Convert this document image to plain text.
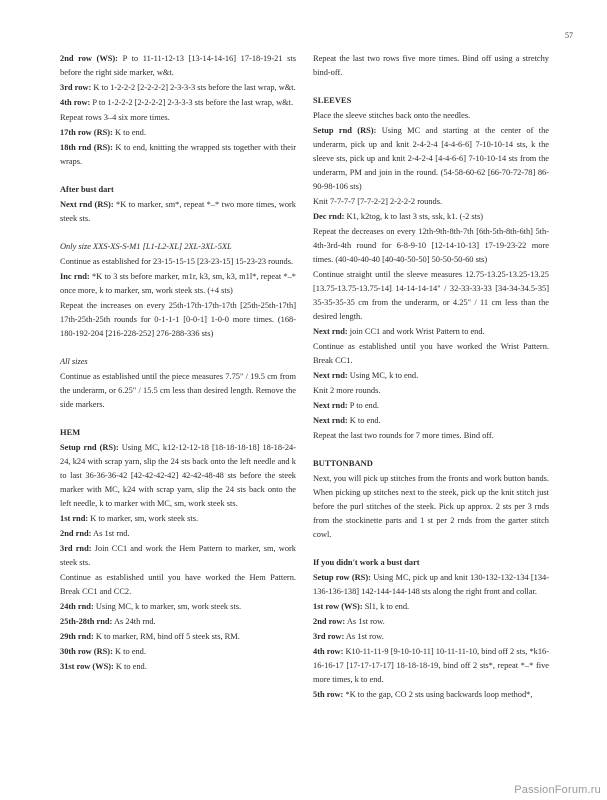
57
2nd row (WS): P to 11-11-12-13 [13-14-14-16] 17-18-19-21 sts before the right side marker, w&t.
3rd row: K to 1-2-2-2 [2-2-2-2] 2-3-3-3 sts before the last wrap, w&t.
4th row: P to 1-2-2-2 [2-2-2-2] 2-3-3-3 sts before the last wrap, w&t.
Repeat rows 3–4 six more times.
17th row (RS): K to end.
18th rnd (RS): K to end, knitting the wrapped sts together with their wraps.
After bust dart
Next rnd (RS): *K to marker, sm*, repeat *–* two more times, work steek sts.
Only size XXS-XS-S-M1 [L1-L2-XL] 2XL-3XL-5XL
Continue as established for 23-15-15-15 [23-23-15] 15-23-23 rounds.
Inc rnd: *K to 3 sts before marker, m1r, k3, sm, k3, m1l*, repeat *–* once more, k to marker, sm, work steek sts. (+4 sts)
Repeat the increases on every 25th-17th-17th-17th [25th-25th-17th] 17th-25th-25th rounds for 0-1-1-1 [0-0-1] 1-0-0 more times. (168-180-192-204 [216-228-252] 276-288-336 sts)
All sizes
Continue as established until the piece measures 7.75" / 19.5 cm from the underarm, or 6.25" / 15.5 cm less than desired length. Remove the side markers.
HEM
Setup rnd (RS): Using MC, k12-12-12-18 [18-18-18-18] 18-18-24-24, k24 with scrap yarn, slip the 24 sts back onto the left needle and k to last 36-36-36-42 [42-42-42-42] 42-42-48-48 sts before the steek marker with MC, k24 with scrap yarn, slip the 24 sts back onto the left needle, k to marker with MC, sm, work steek sts.
1st rnd: K to marker, sm, work steek sts.
2nd rnd: As 1st rnd.
3rd rnd: Join CC1 and work the Hem Pattern to marker, sm, work steek sts.
Continue as established until you have worked the Hem Pattern. Break CC1 and CC2.
24th rnd: Using MC, k to marker, sm, work steek sts.
25th-28th rnd: As 24th rnd.
29th rnd: K to marker, RM, bind off 5 steek sts, RM.
30th row (RS): K to end.
31st row (WS): K to end.
Repeat the last two rows five more times. Bind off using a stretchy bind-off.
SLEEVES
Place the sleeve stitches back onto the needles.
Setup rnd (RS): Using MC and starting at the center of the underarm, pick up and knit 2-4-2-4 [4-4-6-6] 7-10-10-14 sts, k the sleeve sts, pick up and knit 2-4-2-4 [4-4-6-6] 7-10-10-14 sts from the underarm, PM and join in the round. (54-58-60-62 [66-70-72-78] 86-90-98-106 sts)
Knit 7-7-7-7 [7-7-2-2] 2-2-2-2 rounds.
Dec rnd: K1, k2tog, k to last 3 sts, ssk, k1. (-2 sts)
Repeat the decreases on every 12th-9th-8th-7th [6th-5th-8th-6th] 5th-4th-3rd-4th round for 6-8-9-10 [12-14-10-13] 17-19-23-22 more times. (40-40-40-40 [40-40-50-50] 50-50-50-60 sts)
Continue straight until the sleeve measures 12.75-13.25-13.25-13.25 [13.75-13.75-13.75-14] 14-14-14-14" / 32-33-33-33 [34-34-34.5-35] 35-35-35-35 cm from the underarm, or 4.25" / 11 cm less than the desired length.
Next rnd: join CC1 and work Wrist Pattern to end.
Continue as established until you have worked the Wrist Pattern. Break CC1.
Next rnd: Using MC, k to end.
Knit 2 more rounds.
Next rnd: P to end.
Next rnd: K to end.
Repeat the last two rounds for 7 more times. Bind off.
BUTTONBAND
Next, you will pick up stitches from the fronts and work button bands. When picking up stitches next to the steek, pick up the knit stitch just before the purl stitches of the steek. Pick up approx. 2 sts per 3 rnds from the stockinette parts and 1 st per 2 rnds from the garter stitch cowl.
If you didn't work a bust dart
Setup row (RS): Using MC, pick up and knit 130-132-132-134 [134-136-136-138] 142-144-144-148 sts along the right front and collar.
1st row (WS): Sl1, k to end.
2nd row: As 1st row.
3rd row: As 1st row.
4th row: K10-11-11-9 [9-10-10-11] 10-11-11-10, bind off 2 sts, *k16-16-16-17 [17-17-17-17] 18-18-18-19, bind off 2 sts*, repeat *–* five more times, k to end.
5th row: *K to the gap, CO 2 sts using backwards loop method*,
PassionForum.ru
